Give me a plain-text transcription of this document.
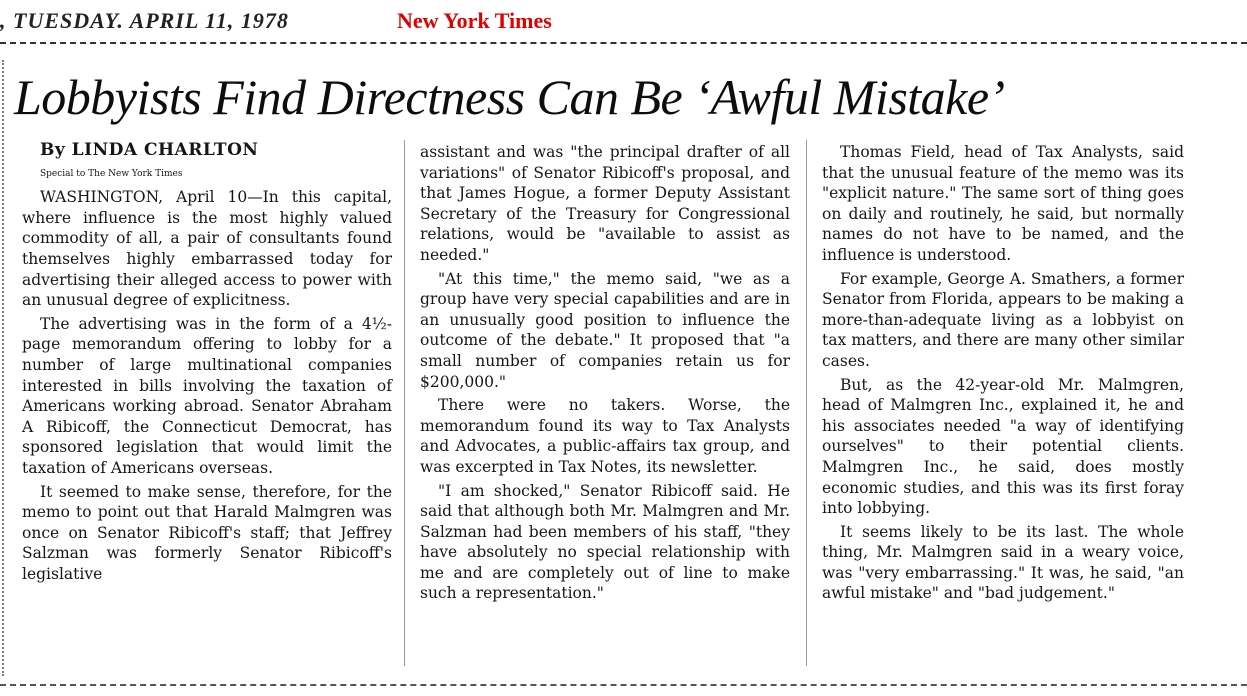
, TUESDAY. APRIL 11, 1978	New York Times
Lobbyists Find Directness Can Be ‘Awful Mistake’

By LINDA CHARLTON

Special to The New York Times

WASHINGTON, April 10—In this capital, where influence is the most highly valued commodity of all, a pair of consultants found themselves highly embarrassed today for advertising their alleged access to power with an unusual degree of explicitness.

The advertising was in the form of a 4½-page memorandum offering to lobby for a number of large multinational companies interested in bills involving the taxation of Americans working abroad. Senator Abraham A Ribicoff, the Connecticut Democrat, has sponsored legislation that would limit the taxation of Americans overseas.

It seemed to make sense, therefore, for the memo to point out that Harald Malmgren was once on Senator Ribicoff's staff; that Jeffrey Salzman was formerly Senator Ribicoff's legislative

assistant and was "the principal drafter of all variations" of Senator Ribicoff's proposal, and that James Hogue, a former Deputy Assistant Secretary of the Treasury for Congressional relations, would be "available to assist as needed."

"At this time," the memo said, "we as a group have very special capabilities and are in an unusually good position to influence the outcome of the debate." It proposed that "a small number of companies retain us for $200,000."

There were no takers. Worse, the memorandum found its way to Tax Analysts and Advocates, a public-affairs tax group, and was excerpted in Tax Notes, its newsletter.

"I am shocked," Senator Ribicoff said. He said that although both Mr. Malmgren and Mr. Salzman had been members of his staff, "they have absolutely no special relationship with me and are completely out of line to make such a representation."

Thomas Field, head of Tax Analysts, said that the unusual feature of the memo was its "explicit nature." The same sort of thing goes on daily and routinely, he said, but normally names do not have to be named, and the influence is understood.

For example, George A. Smathers, a former Senator from Florida, appears to be making a more-than-adequate living as a lobbyist on tax matters, and there are many other similar cases.

But, as the 42-year-old Mr. Malmgren, head of Malmgren Inc., explained it, he and his associates needed "a way of identifying ourselves" to their potential clients. Malmgren Inc., he said, does mostly economic studies, and this was its first foray into lobbying.

It seems likely to be its last. The whole thing, Mr. Malmgren said in a weary voice, was "very embarrassing." It was, he said, "an awful mistake" and "bad judgement."
